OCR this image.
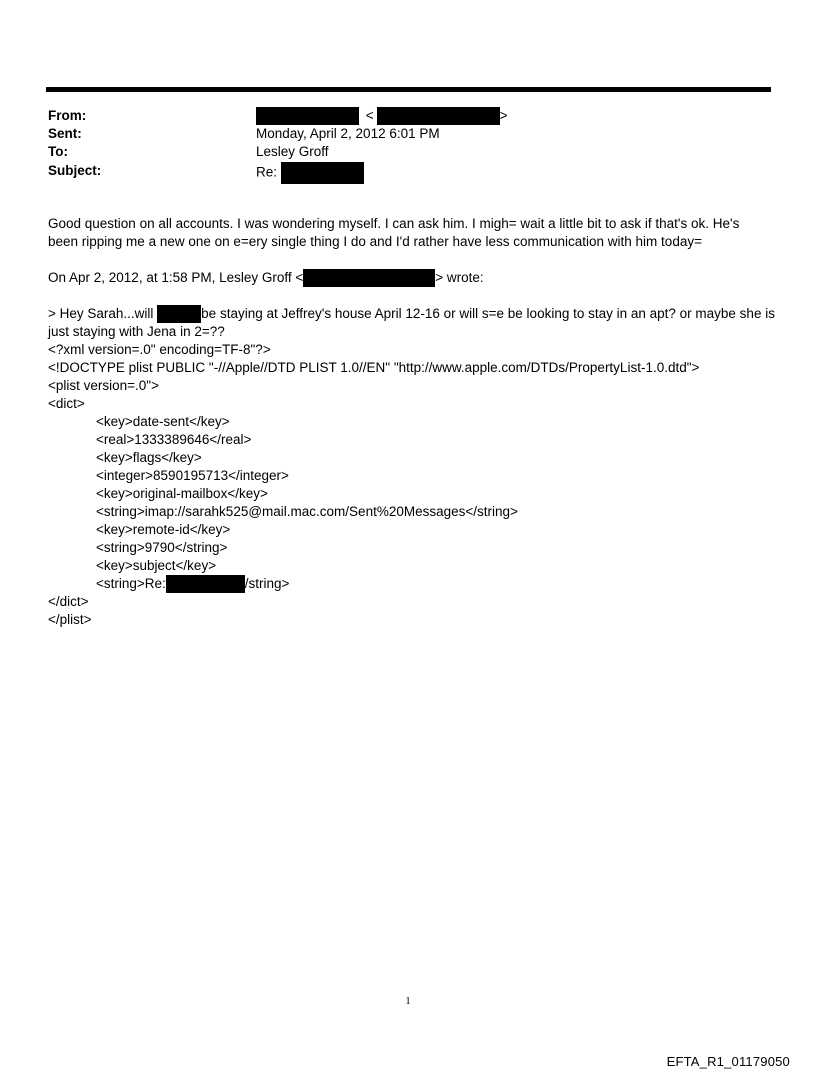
From:	<	>
Sent:	Monday, April 2, 2012 6:01 PM
To:	Lesley Groff
Subject:	Re:
Good question on all accounts. I was wondering myself. I can ask him. I migh= wait a little bit to ask if that's ok. He's been ripping me a new one on e=ery single thing I do and I'd rather have less communication with him today=
On Apr 2, 2012, at 1:58 PM, Lesley Groff <	> wrote:
> Hey Sarah...will	be staying at Jeffrey's house April 12-16 or will s=e be looking to stay in an apt? or maybe she is
just staying with Jena in 2=??
<?xml version=.0" encoding=TF-8"?>
<!DOCTYPE plist PUBLIC "-//Apple//DTD PLIST 1.0//EN" "http://www.apple.com/DTDs/PropertyList-1.0.dtd">
<plist version=.0">
<dict>
<key>date-sent</key>
<real>1333389646</real>
<key>flags</key>
<integer>8590195713</integer>
<key>original-mailbox</key>
<string>imap://sarahk525@mail.mac.com/Sent%20Messages</string>
<key>remote-id</key>
<string>9790</string>
<key>subject</key>
<string>Re:	/string>
</dict>
</plist>
1
EFTA_R1_01179050
